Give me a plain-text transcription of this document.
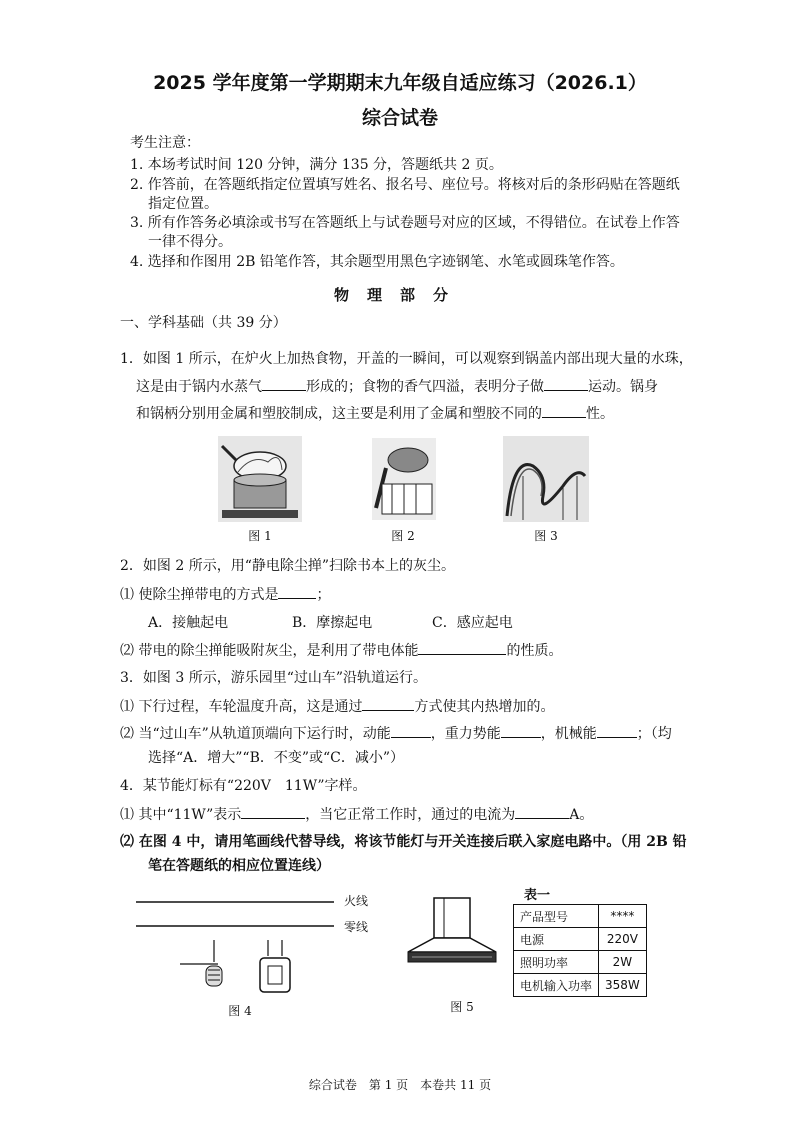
2025 学年度第一学期期末九年级自适应练习（2026.1）
综合试卷
考生注意：
1. 本场考试时间 120 分钟，满分 135 分，答题纸共 2 页。
2. 作答前，在答题纸指定位置填写姓名、报名号、座位号。将核对后的条形码贴在答题纸
指定位置。
3. 所有作答务必填涂或书写在答题纸上与试卷题号对应的区域，不得错位。在试卷上作答
一律不得分。
4. 选择和作图用 2B 铅笔作答，其余题型用黑色字迹钢笔、水笔或圆珠笔作答。
物理部分
一、学科基础（共 39 分）
1．如图 1 所示，在炉火上加热食物，开盖的一瞬间，可以观察到锅盖内部出现大量的水珠，
这是由于锅内水蒸气	形成的；食物的香气四溢，表明分子做	运动。锅身
和锅柄分别用金属和塑胶制成，这主要是利用了金属和塑胶不同的	性。
图 1	图 2	图 3
2．如图 2 所示，用“静电除尘掸”扫除书本上的灰尘。
⑴ 使除尘掸带电的方式是	；
A．接触起电	B．摩擦起电	C．感应起电
⑵ 带电的除尘掸能吸附灰尘，是利用了带电体能	的性质。
3．如图 3 所示，游乐园里“过山车”沿轨道运行。
⑴ 下行过程，车轮温度升高，这是通过	方式使其内热增加的。
⑵ 当“过山车”从轨道顶端向下运行时，动能	，重力势能	，机械能	；（均
选择“A．增大”“B．不变”或“C．减小”）
4．某节能灯标有“220V　11W”字样。
⑴ 其中“11W”表示	，当它正常工作时，通过的电流为	A。
⑵ 在图 4 中，请用笔画线代替导线，将该节能灯与开关连接后联入家庭电路中。（用 2B 铅
笔在答题纸的相应位置连线）
火线
零线
图 4	图 5
表一
产品型号	****
电源	220V
照明功率	2W
电机输入功率	358W
综合试卷　第 1 页　本卷共 11 页
